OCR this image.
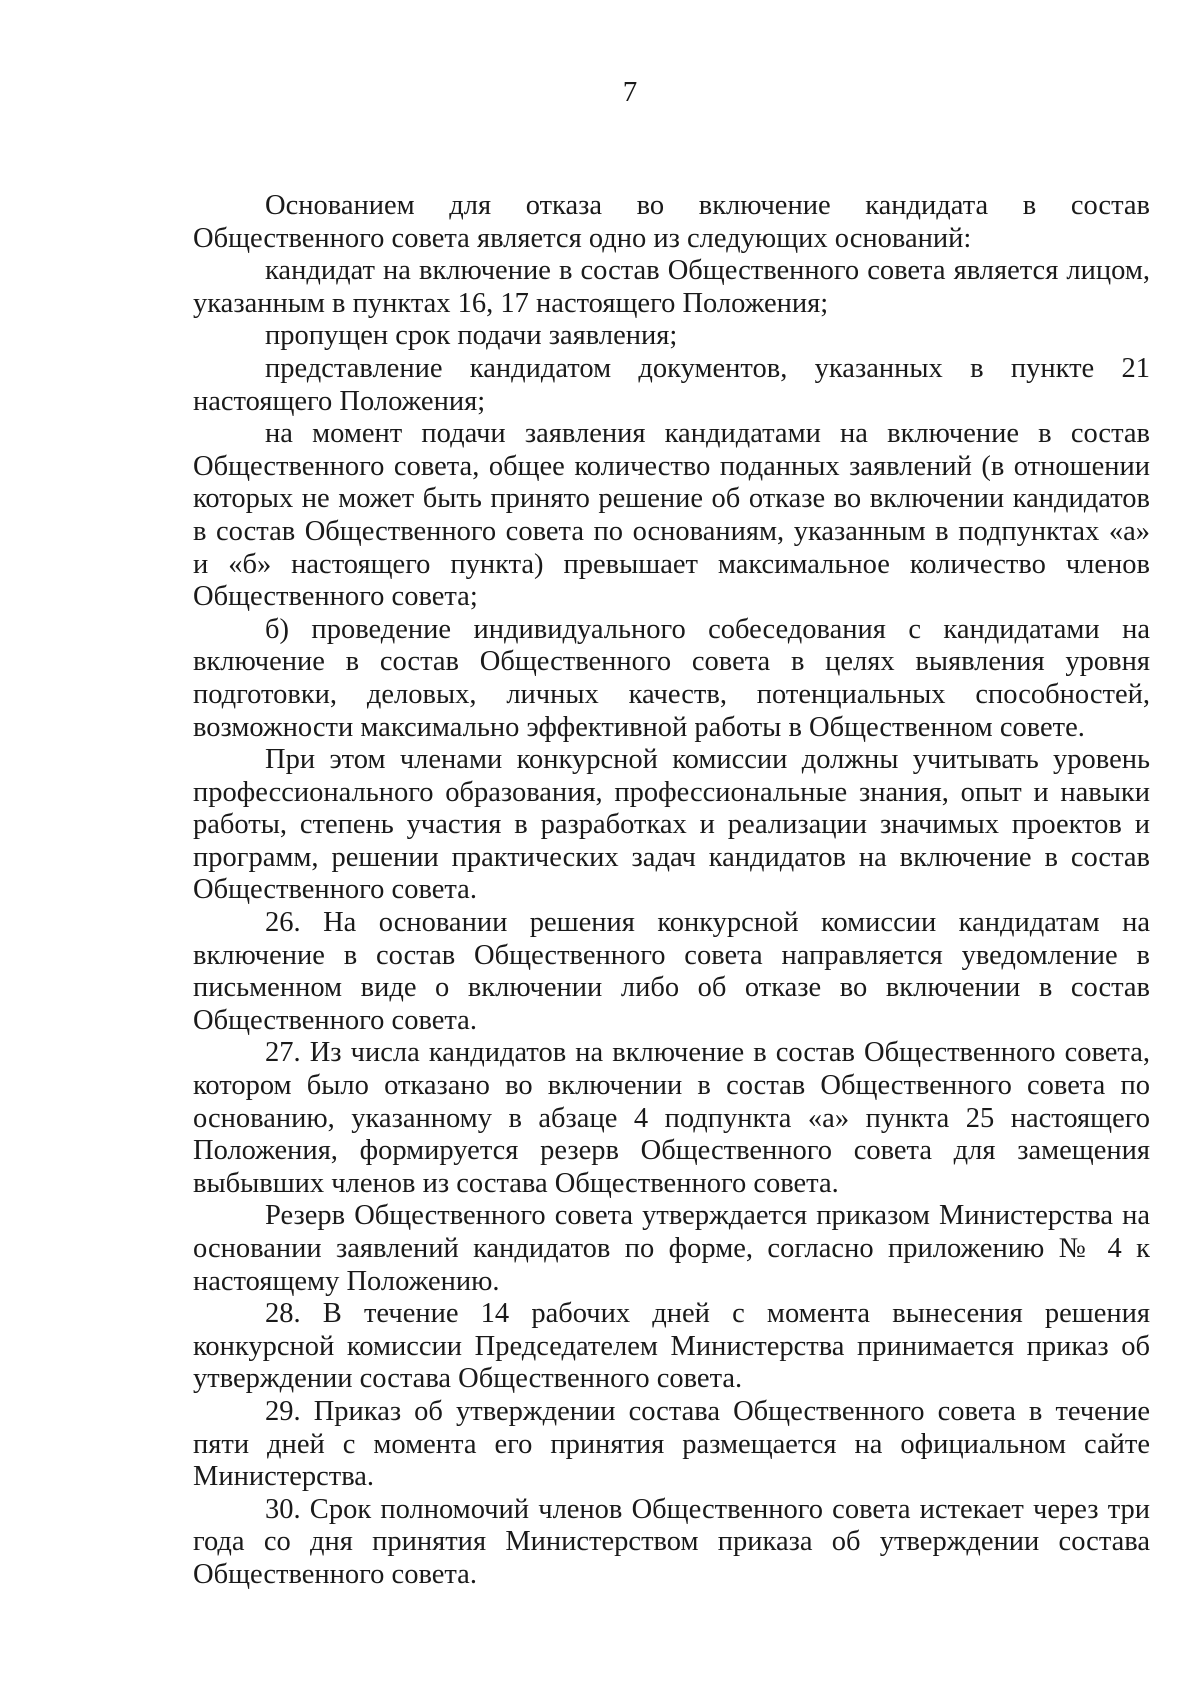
7

Основанием для отказа во включение кандидата в состав Общественного совета является одно из следующих оснований:

кандидат на включение в состав Общественного совета является лицом, указанным в пунктах 16, 17 настоящего Положения;

пропущен срок подачи заявления;

представление кандидатом документов, указанных в пункте 21 настоящего Положения;

на момент подачи заявления кандидатами на включение в состав Общественного совета, общее количество поданных заявлений (в отношении которых не может быть принято решение об отказе во включении кандидатов в состав Общественного совета по основаниям, указанным в подпунктах «а» и «б» настоящего пункта) превышает максимальное количество членов Общественного совета;

б) проведение индивидуального собеседования с кандидатами на включение в состав Общественного совета в целях выявления уровня подготовки, деловых, личных качеств, потенциальных способностей, возможности максимально эффективной работы в Общественном совете.

При этом членами конкурсной комиссии должны учитывать уровень профессионального образования, профессиональные знания, опыт и навыки работы, степень участия в разработках и реализации значимых проектов и программ, решении практических задач кандидатов на включение в состав Общественного совета.

26. На основании решения конкурсной комиссии кандидатам на включение в состав Общественного совета направляется уведомление в письменном виде о включении либо об отказе во включении в состав Общественного совета.

27. Из числа кандидатов на включение в состав Общественного совета, котором было отказано во включении в состав Общественного совета по основанию, указанному в абзаце 4 подпункта «а» пункта 25 настоящего Положения, формируется резерв Общественного совета для замещения выбывших членов из состава Общественного совета.

Резерв Общественного совета утверждается приказом Министерства на основании заявлений кандидатов по форме, согласно приложению № 4 к настоящему Положению.

28. В течение 14 рабочих дней с момента вынесения решения конкурсной комиссии Председателем Министерства принимается приказ об утверждении состава Общественного совета.

29. Приказ об утверждении состава Общественного совета в течение пяти дней с момента его принятия размещается на официальном сайте Министерства.

30. Срок полномочий членов Общественного совета истекает через три года со дня принятия Министерством приказа об утверждении состава Общественного совета.
